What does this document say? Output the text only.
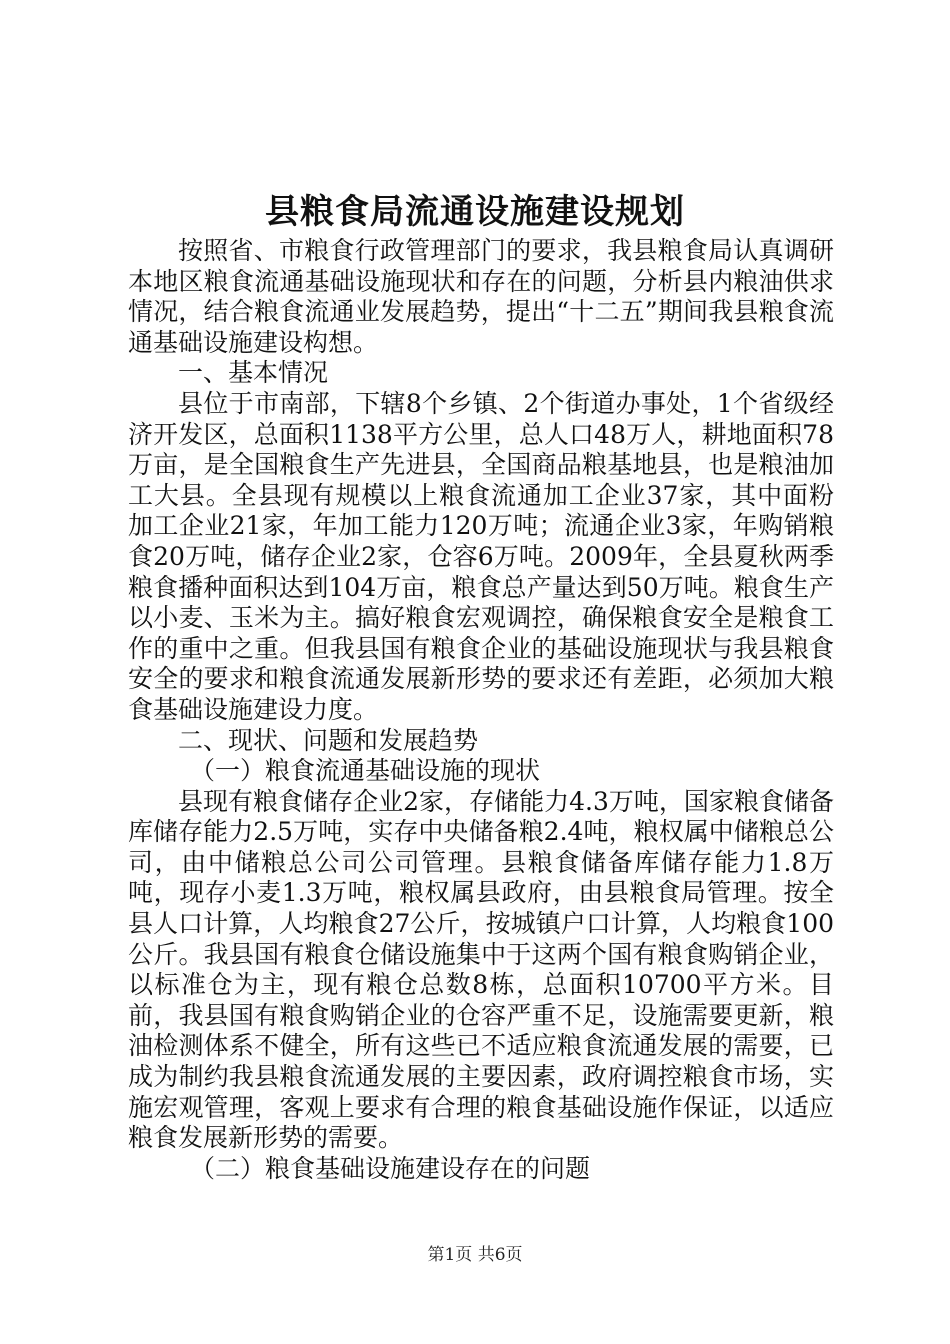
县粮食局流通设施建设规划

按照省、市粮食行政管理部门的要求，我县粮食局认真调研本地区粮食流通基础设施现状和存在的问题，分析县内粮油供求情况，结合粮食流通业发展趋势，提出“十二五”期间我县粮食流通基础设施建设构想。

一、基本情况

县位于市南部，下辖8个乡镇、2个街道办事处，1个省级经济开发区，总面积1138平方公里，总人口48万人，耕地面积78万亩，是全国粮食生产先进县，全国商品粮基地县，也是粮油加工大县。全县现有规模以上粮食流通加工企业37家，其中面粉加工企业21家，年加工能力120万吨；流通企业3家，年购销粮食20万吨，储存企业2家，仓容6万吨。2009年，全县夏秋两季粮食播种面积达到104万亩，粮食总产量达到50万吨。粮食生产以小麦、玉米为主。搞好粮食宏观调控，确保粮食安全是粮食工作的重中之重。但我县国有粮食企业的基础设施现状与我县粮食安全的要求和粮食流通发展新形势的要求还有差距，必须加大粮食基础设施建设力度。

二、现状、问题和发展趋势

（一）粮食流通基础设施的现状

县现有粮食储存企业2家，存储能力4.3万吨，国家粮食储备库储存能力2.5万吨，实存中央储备粮2.4吨，粮权属中储粮总公司，由中储粮总公司公司管理。县粮食储备库储存能力1.8万吨，现存小麦1.3万吨，粮权属县政府，由县粮食局管理。按全县人口计算，人均粮食27公斤，按城镇户口计算，人均粮食100公斤。我县国有粮食仓储设施集中于这两个国有粮食购销企业，以标准仓为主，现有粮仓总数8栋，总面积10700平方米。目前，我县国有粮食购销企业的仓容严重不足，设施需要更新，粮油检测体系不健全，所有这些已不适应粮食流通发展的需要，已成为制约我县粮食流通发展的主要因素，政府调控粮食市场，实施宏观管理，客观上要求有合理的粮食基础设施作保证，以适应粮食发展新形势的需要。

（二）粮食基础设施建设存在的问题

第1页 共6页
